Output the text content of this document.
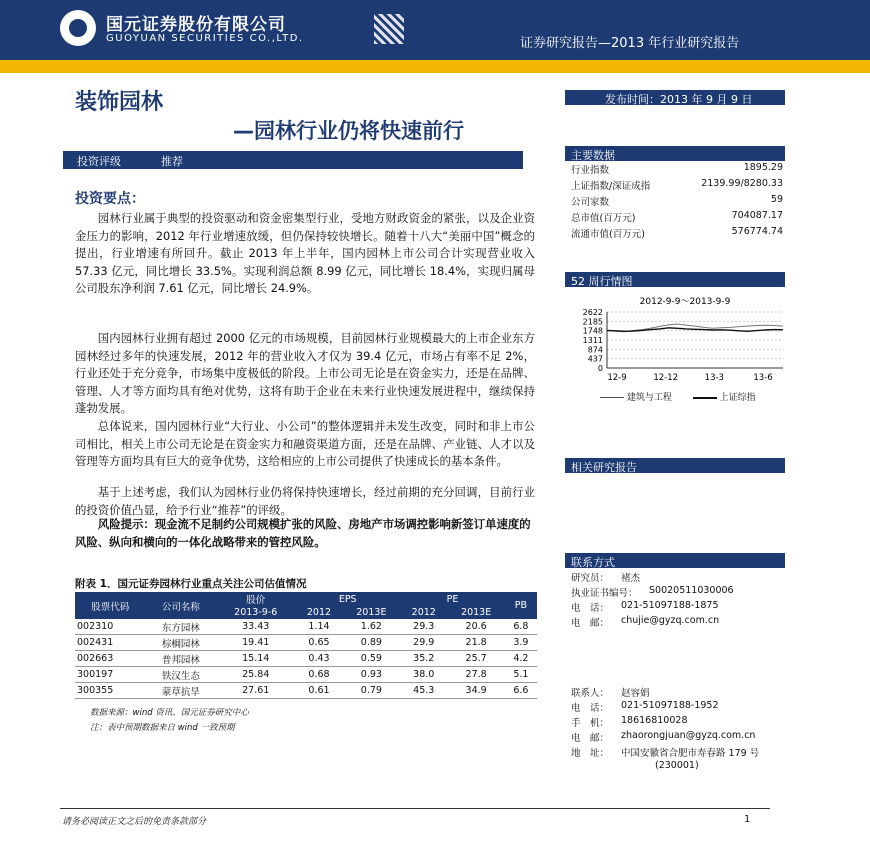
国元证券股份有限公司
GUOYUAN SECURITIES CO.,LTD.	证券研究报告—2013 年行业研究报告
装饰园林
—园林行业仍将快速前行
投资评级	推荐
投资要点：
园林行业属于典型的投资驱动和资金密集型行业，受地方财政资金的紧张，以及企业资金压力的影响，2012 年行业增速放缓，但仍保持较快增长。随着十八大“美丽中国”概念的提出，行业增速有所回升。截止 2013 年上半年，国内园林上市公司合计实现营业收入 57.33 亿元，同比增长 33.5%。实现利润总额 8.99 亿元，同比增长 18.4%，实现归属母公司股东净利润 7.61 亿元，同比增长 24.9%。
国内园林行业拥有超过 2000 亿元的市场规模，目前园林行业规模最大的上市企业东方园林经过多年的快速发展，2012 年的营业收入才仅为 39.4 亿元，市场占有率不足 2%，行业还处于充分竞争，市场集中度极低的阶段。上市公司无论是在资金实力，还是在品牌、管理、人才等方面均具有绝对优势，这将有助于企业在未来行业快速发展进程中，继续保持蓬勃发展。
总体说来，国内园林行业“大行业、小公司”的整体逻辑并未发生改变，同时和非上市公司相比，相关上市公司无论是在资金实力和融资渠道方面，还是在品牌、产业链、人才以及管理等方面均具有巨大的竞争优势，这给相应的上市公司提供了快速成长的基本条件。
基于上述考虑，我们认为园林行业仍将保持快速增长，经过前期的充分回调，目前行业的投资价值凸显，给予行业“推荐”的评级。
风险提示：现金流不足制约公司规模扩张的风险、房地产市场调控影响新签订单速度的风险、纵向和横向的一体化战略带来的管控风险。
附表 1．国元证券园林行业重点关注公司估值情况
股票代码	公司名称	股价	EPS		PE		PB
		2013-9-6	2012	2013E	2012	2013E	
002310	东方园林	33.43	1.14	1.62	29.3	20.6	6.8
002431	棕榈园林	19.41	0.65	0.89	29.9	21.8	3.9
002663	普邦园林	15.14	0.43	0.59	35.2	25.7	4.2
300197	铁汉生态	25.84	0.68	0.93	38.0	27.8	5.1
300355	蒙草抗旱	27.61	0.61	0.79	45.3	34.9	6.6
数据来源：wind 资讯、国元证券研究中心
注：表中预期数据来自 wind 一致预期
发布时间：2013 年 9 月 9 日
主要数据
行业指数	1895.29
上证指数/深证成指	2139.99/8280.33
公司家数	59
总市值(百万元)	704087.17
流通市值(百万元)	576774.74
52 周行情图
2012-9-9～2013-9-9
2622
2185
1748
1311
874
437
0
12-9	12-12	13-3	13-6
建筑与工程	上证综指
相关研究报告
联系方式
研究员： 褚杰
执业证书编号： S0020511030006
电　话： 021-51097188-1875
电　邮： chujie@gyzq.com.cn
联系人： 赵容娟
电　话： 021-51097188-1952
手　机： 18616810028
电　邮： zhaorongjuan@gyzq.com.cn
地　址： 中国安徽省合肥市寿春路 179 号
(230001)
请务必阅读正文之后的免责条款部分	1
